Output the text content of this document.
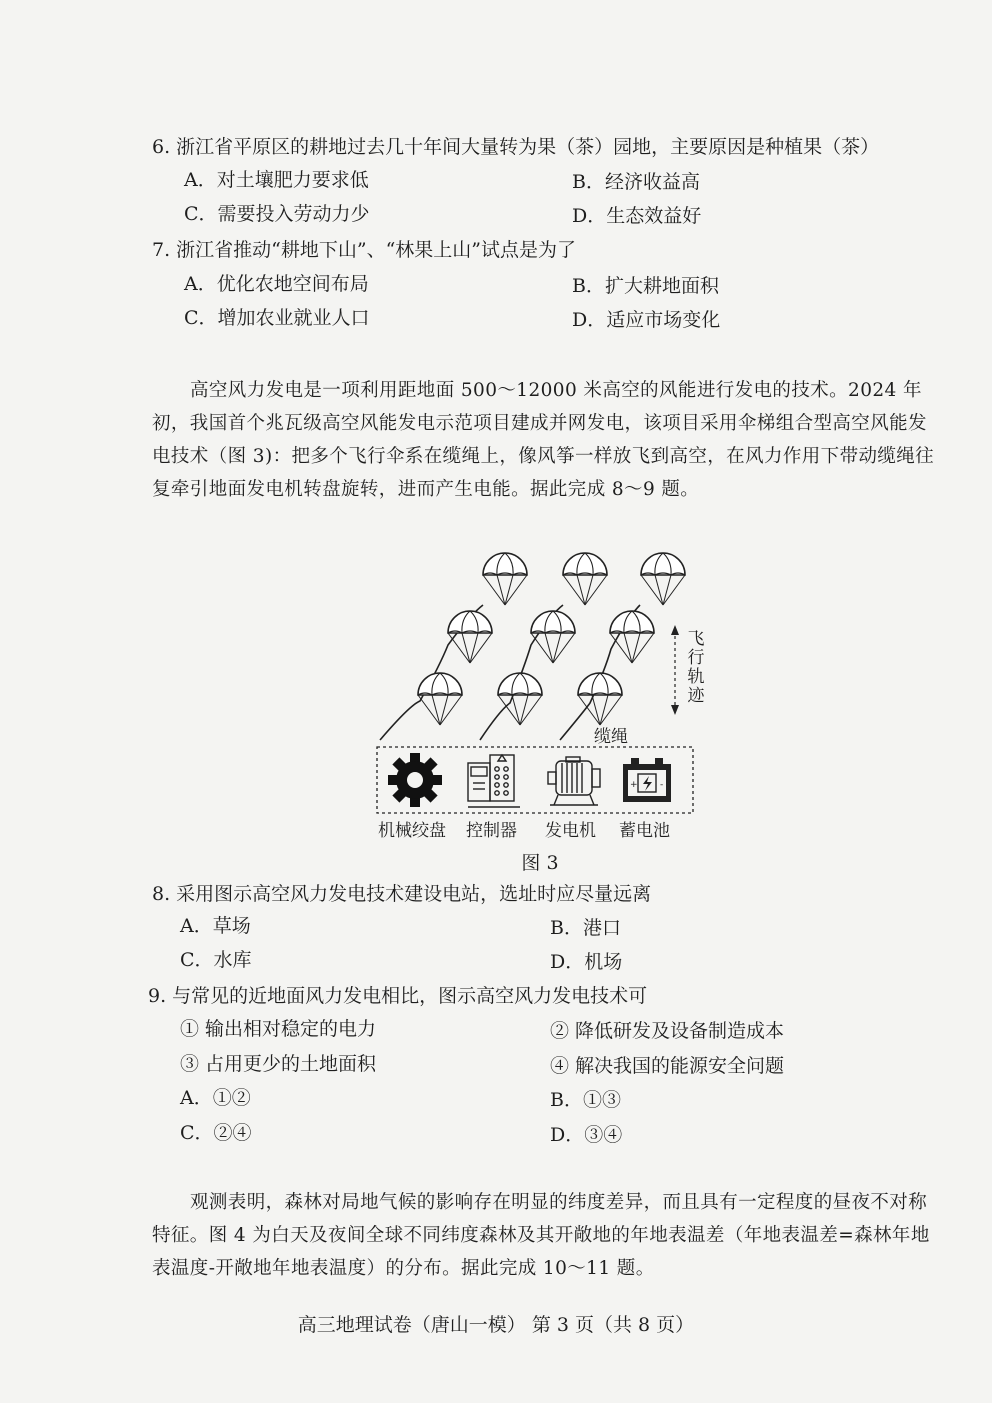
6. 浙江省平原区的耕地过去几十年间大量转为果（茶）园地，主要原因是种植果（茶）
A．对土壤肥力要求低	B．经济收益高
C．需要投入劳动力少	D．生态效益好
7. 浙江省推动“耕地下山”、“林果上山”试点是为了
A．优化农地空间布局	B．扩大耕地面积
C．增加农业就业人口	D．适应市场变化

高空风力发电是一项利用距地面 500～12000 米高空的风能进行发电的技术。2024 年初，我国首个兆瓦级高空风能发电示范项目建成并网发电，该项目采用伞梯组合型高空风能发电技术（图 3)：把多个飞行伞系在缆绳上，像风筝一样放飞到高空，在风力作用下带动缆绳往复牵引地面发电机转盘旋转，进而产生电能。据此完成 8～9 题。

+ -
飞行轨迹
缆绳
机械绞盘 控制器 发电机 蓄电池
图 3
8. 采用图示高空风力发电技术建设电站，选址时应尽量远离
A．草场	B．港口
C．水库	D．机场
9. 与常见的近地面风力发电相比，图示高空风力发电技术可
① 输出相对稳定的电力	② 降低研发及设备制造成本
③ 占用更少的土地面积	④ 解决我国的能源安全问题
A．①②	B．①③
C．②④	D．③④

观测表明，森林对局地气候的影响存在明显的纬度差异，而且具有一定程度的昼夜不对称特征。图 4 为白天及夜间全球不同纬度森林及其开敞地的年地表温差（年地表温差=森林年地表温度-开敞地年地表温度）的分布。据此完成 10～11 题。

高三地理试卷（唐山一模） 第 3 页（共 8 页）
